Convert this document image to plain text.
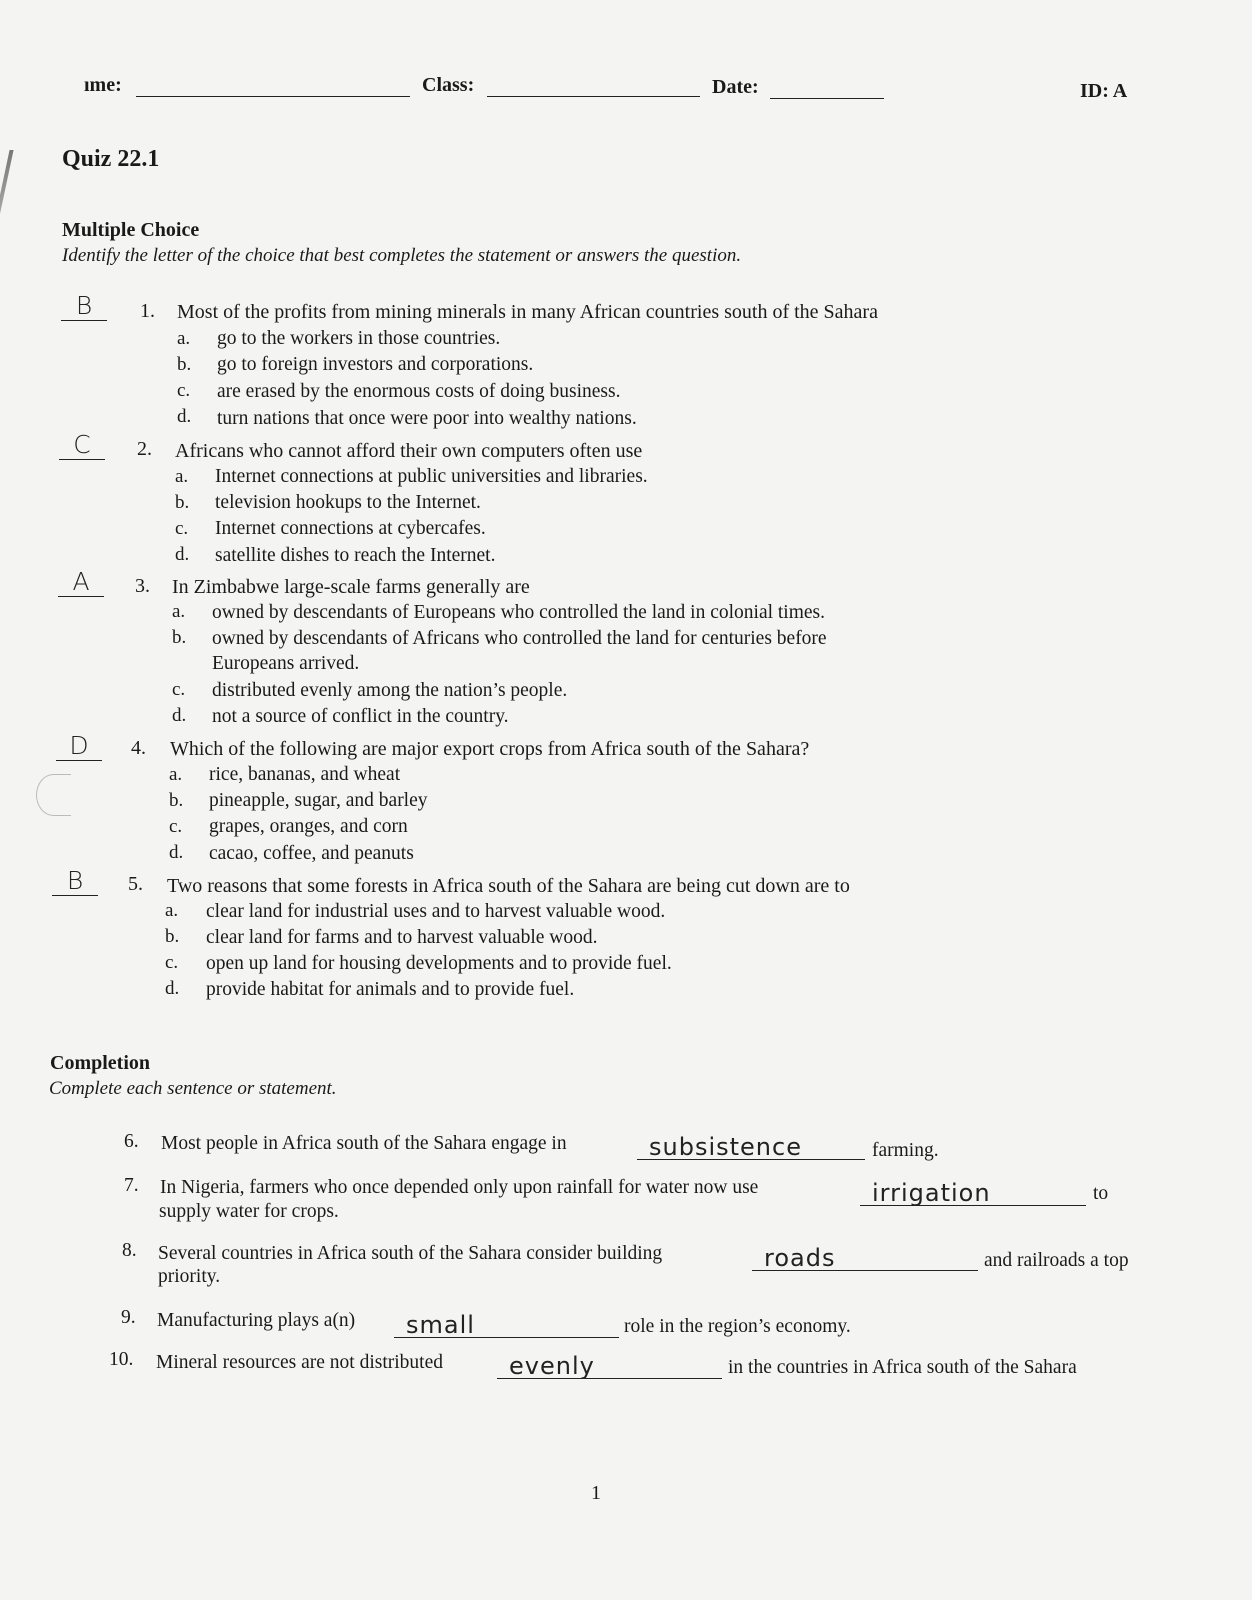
ıme:	Class:	Date:	ID: A
Quiz 22.1
Multiple Choice
Identify the letter of the choice that best completes the statement or answers the question.
B	1. Most of the profits from mining minerals in many African countries south of the Sahara
a. go to the workers in those countries.
b. go to foreign investors and corporations.
c. are erased by the enormous costs of doing business.
d. turn nations that once were poor into wealthy nations.
C	2. Africans who cannot afford their own computers often use
a. Internet connections at public universities and libraries.
b. television hookups to the Internet.
c. Internet connections at cybercafes.
d. satellite dishes to reach the Internet.
A	3. In Zimbabwe large-scale farms generally are
a. owned by descendants of Europeans who controlled the land in colonial times.
b. owned by descendants of Africans who controlled the land for centuries before
Europeans arrived.
c. distributed evenly among the nation’s people.
d. not a source of conflict in the country.
D	4. Which of the following are major export crops from Africa south of the Sahara?
a. rice, bananas, and wheat
b. pineapple, sugar, and barley
c. grapes, oranges, and corn
d. cacao, coffee, and peanuts
B	5. Two reasons that some forests in Africa south of the Sahara are being cut down are to
a. clear land for industrial uses and to harvest valuable wood.
b. clear land for farms and to harvest valuable wood.
c. open up land for housing developments and to provide fuel.
d. provide habitat for animals and to provide fuel.
Completion
Complete each sentence or statement.
6. Most people in Africa south of the Sahara engage in	subsistence	farming.
7. In Nigeria, farmers who once depended only upon rainfall for water now use	irrigation	to
supply water for crops.
8. Several countries in Africa south of the Sahara consider building	roads	and railroads a top
priority.
9. Manufacturing plays a(n)	small	role in the region’s economy.
10. Mineral resources are not distributed	evenly	in the countries in Africa south of the Sahara
1
